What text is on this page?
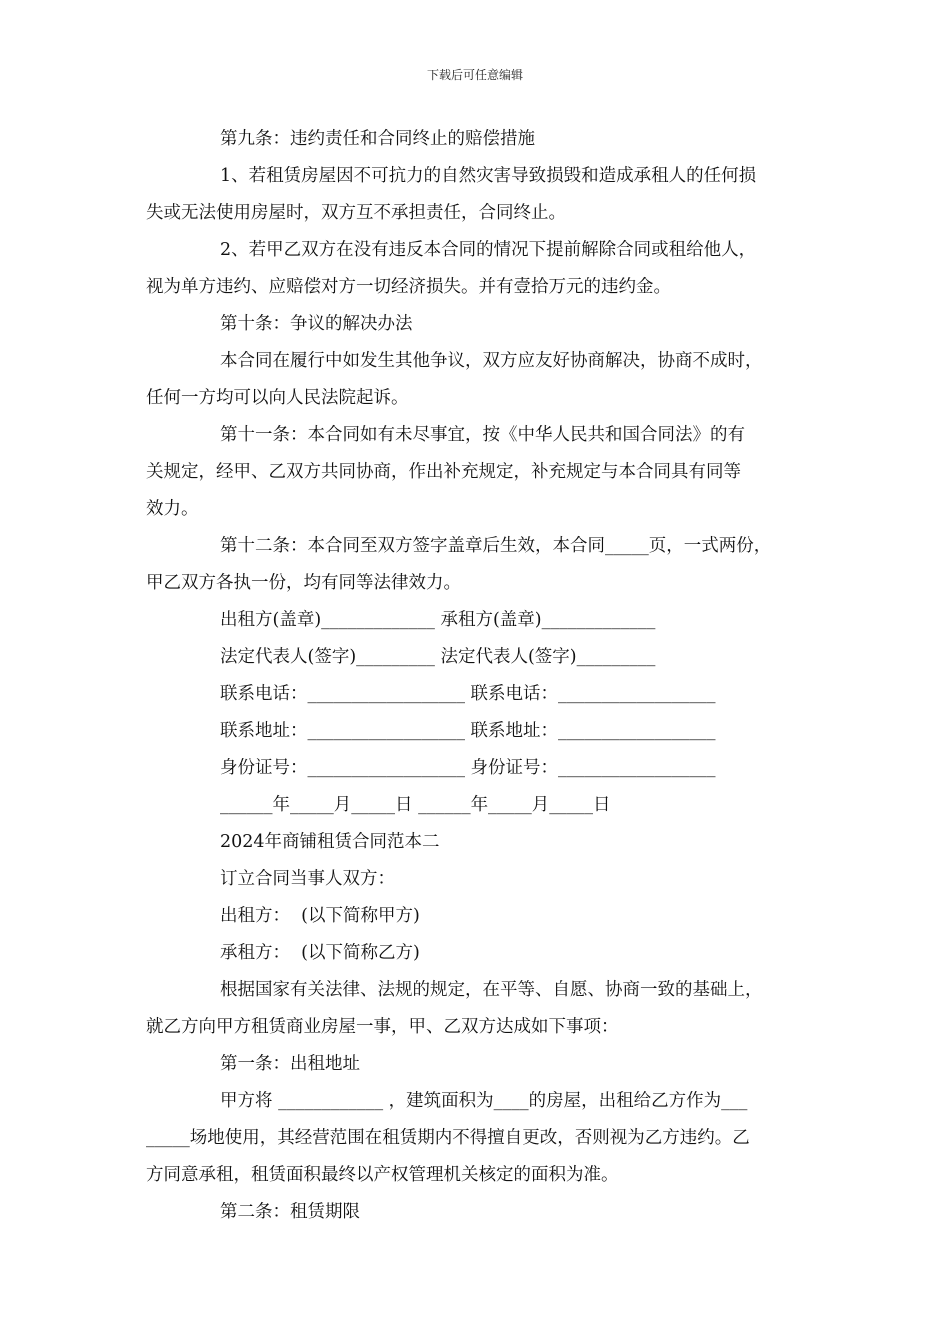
下载后可任意编辑
第九条：违约责任和合同终止的赔偿措施
1、若租赁房屋因不可抗力的自然灾害导致损毁和造成承租人的任何损
失或无法使用房屋时，双方互不承担责任，合同终止。
2、若甲乙双方在没有违反本合同的情况下提前解除合同或租给他人，
视为单方违约、应赔偿对方一切经济损失。并有壹拾万元的违约金。
第十条：争议的解决办法
本合同在履行中如发生其他争议，双方应友好协商解决，协商不成时，
任何一方均可以向人民法院起诉。
第十一条：本合同如有未尽事宜，按《中华人民共和国合同法》的有
关规定，经甲、乙双方共同协商，作出补充规定，补充规定与本合同具有同等
效力。
第十二条：本合同至双方签字盖章后生效，本合同_____页，一式两份，
甲乙双方各执一份，均有同等法律效力。
出租方(盖章)_____________ 承租方(盖章)_____________
法定代表人(签字)_________ 法定代表人(签字)_________
联系电话：__________________ 联系电话：__________________
联系地址：__________________ 联系地址：__________________
身份证号：__________________ 身份证号：__________________
______年_____月_____日 ______年_____月_____日
2024年商铺租赁合同范本二
订立合同当事人双方：
出租方：  (以下简称甲方)
承租方：  (以下简称乙方)
根据国家有关法律、法规的规定，在平等、自愿、协商一致的基础上，
就乙方向甲方租赁商业房屋一事，甲、乙双方达成如下事项：
第一条：出租地址
甲方将 ____________ ，建筑面积为____的房屋，出租给乙方作为___
_____场地使用，其经营范围在租赁期内不得擅自更改，否则视为乙方违约。乙
方同意承租，租赁面积最终以产权管理机关核定的面积为准。
第二条：租赁期限
